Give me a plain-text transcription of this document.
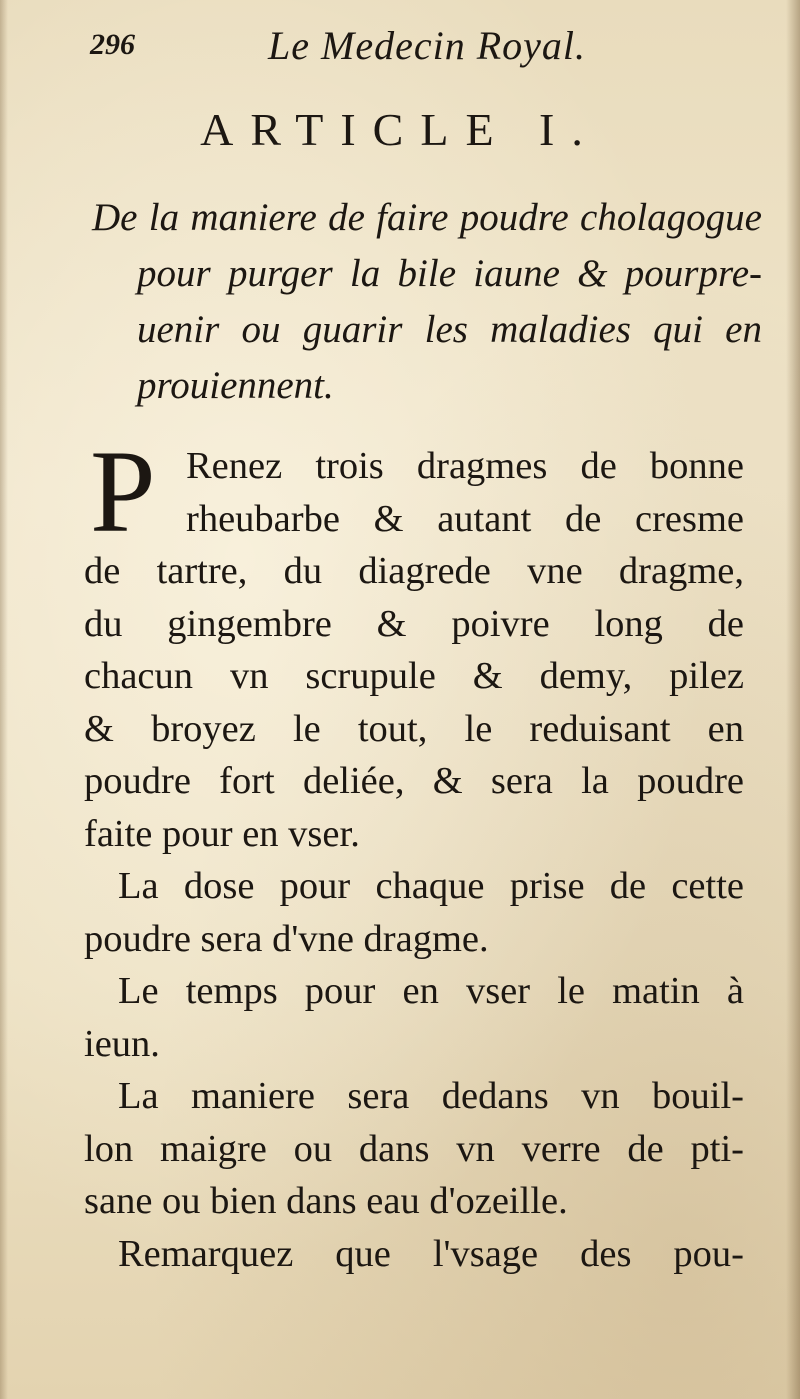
296	Le Medecin Royal.
ARTICLE I.
De la maniere de faire poudre cholagogue
pour purger la bile iaune & pourpre-
uenir ou guarir les maladies qui en
prouiennent.
P Renez trois dragmes de bonne
rheubarbe & autant de cresme
de tartre, du diagrede vne dragme,
du gingembre & poivre long de
chacun vn scrupule & demy, pilez
& broyez le tout, le reduisant en
poudre fort deliée, & sera la poudre
faite pour en vser.
La dose pour chaque prise de cette
poudre sera d'vne dragme.
Le temps pour en vser le matin à
ieun.
La maniere sera dedans vn bouil-
lon maigre ou dans vn verre de pti-
sane ou bien dans eau d'ozeille.
Remarquez que l'vsage des pou-
